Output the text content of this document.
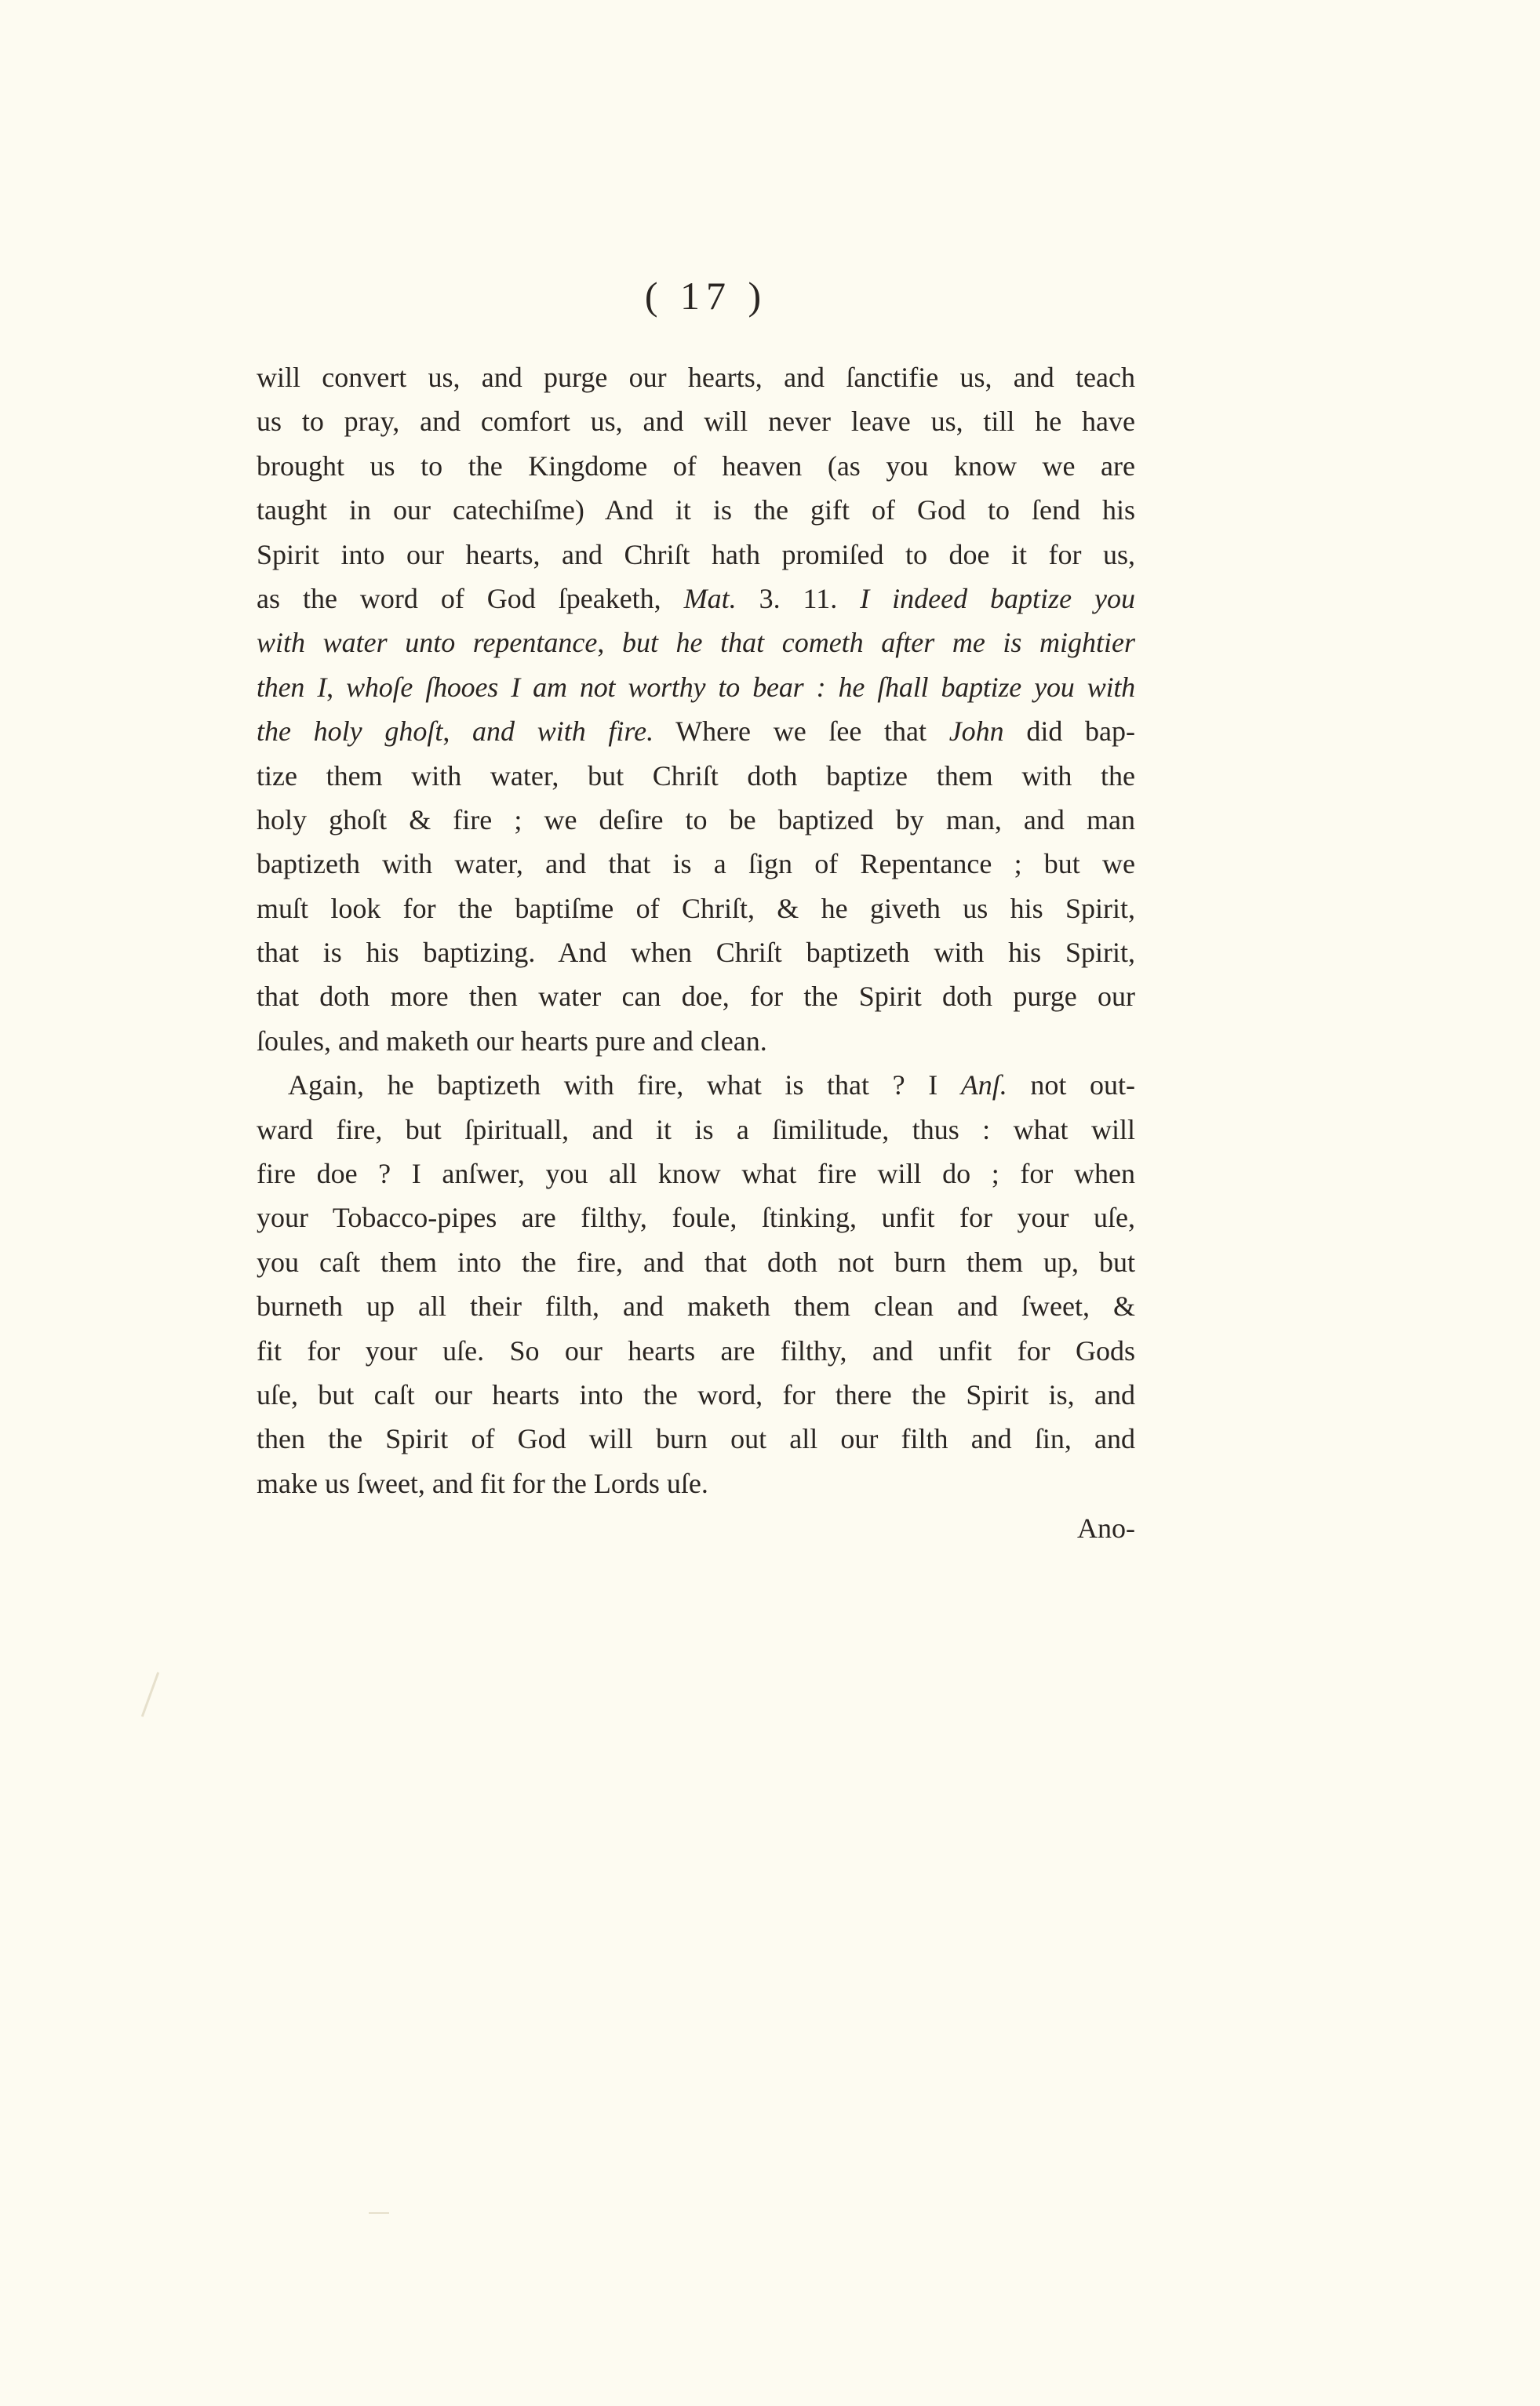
( 17 )
will convert us, and purge our hearts, and ſanctifie us, and teach
us to pray, and comfort us, and will never leave us, till he have
brought us to the Kingdome of heaven (as you know we are
taught in our catechiſme) And it is the gift of God to ſend his
Spirit into our hearts, and Chriſt hath promiſed to doe it for us,
as the word of God ſpeaketh, Mat. 3. 11. I indeed baptize you
with water unto repentance, but he that cometh after me is mightier
then I, whoſe ſhooes I am not worthy to bear : he ſhall baptize you with
the holy ghoſt, and with fire. Where we ſee that John did bap-
tize them with water, but Chriſt doth baptize them with the
holy ghoſt & fire ; we deſire to be baptized by man, and man
baptizeth with water, and that is a ſign of Repentance ; but we
muſt look for the baptiſme of Chriſt, & he giveth us his Spirit,
that is his baptizing. And when Chriſt baptizeth with his Spirit,
that doth more then water can doe, for the Spirit doth purge our
ſoules, and maketh our hearts pure and clean.
Again, he baptizeth with fire, what is that ? I Anſ. not out-
ward fire, but ſpirituall, and it is a ſimilitude, thus : what will
fire doe ? I anſwer, you all know what fire will do ; for when
your Tobacco-pipes are filthy, foule, ſtinking, unfit for your uſe,
you caſt them into the fire, and that doth not burn them up, but
burneth up all their filth, and maketh them clean and ſweet, &
fit for your uſe. So our hearts are filthy, and unfit for Gods
uſe, but caſt our hearts into the word, for there the Spirit is, and
then the Spirit of God will burn out all our filth and ſin, and
make us ſweet, and fit for the Lords uſe.
Ano-
